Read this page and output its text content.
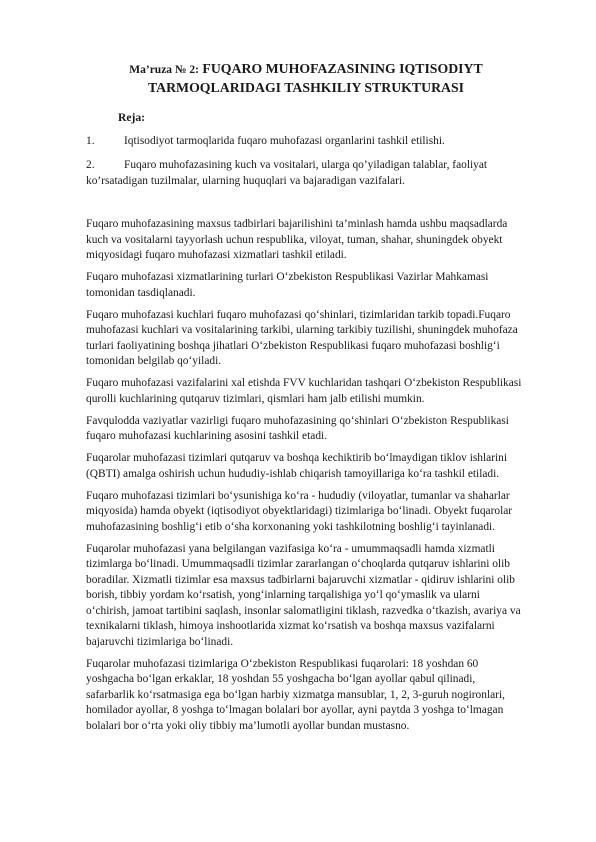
Ma’ruza № 2: FUQARO MUHOFAZASINING IQTISODIYT
TARMOQLARIDAGI TASHKILIY STRUKTURASI
Reja:
1.	Iqtisodiyot tarmoqlarida fuqaro muhofazasi organlarini tashkil etilishi.
2.	Fuqaro muhofazasining kuch va vositalari, ularga qo’yiladigan talablar, faoliyat ko’rsatadigan tuzilmalar, ularning huquqlari va bajaradigan vazifalari.

Fuqaro muhofazasining maxsus tadbirlari bajarilishini ta’minlash hamda ushbu maqsadlarda kuch va vositalarni tayyorlash uchun respublika, viloyat, tuman, shahar, shuningdek obyekt miqyosidagi fuqaro muhofazasi xizmatlari tashkil etiladi.

Fuqaro muhofazasi xizmatlarining turlari O‘zbekiston Respublikasi Vazirlar Mahkamasi tomonidan tasdiqlanadi.

Fuqaro muhofazasi kuchlari fuqaro muhofazasi qo‘shinlari, tizimlaridan tarkib topadi.Fuqaro muhofazasi kuchlari va vositalarining tarkibi, ularning tarkibiy tuzilishi, shuningdek muhofaza turlari faoliyatining boshqa jihatlari O‘zbekiston Respublikasi fuqaro muhofazasi boshlig‘i tomonidan belgilab qo‘yiladi.

Fuqaro muhofazasi vazifalarini xal etishda FVV kuchlaridan tashqari O‘zbekiston Respublikasi qurolli kuchlarining qutqaruv tizimlari, qismlari ham jalb etilishi mumkin.

Favqulodda vaziyatlar vazirligi fuqaro muhofazasining qo‘shinlari O‘zbekiston Respublikasi fuqaro muhofazasi kuchlarining asosini tashkil etadi.

Fuqarolar muhofazasi tizimlari qutqaruv va boshqa kechiktirib bo‘lmaydigan tiklov ishlarini (QBTI) amalga oshirish uchun hududiy-ishlab chiqarish tamoyillariga ko‘ra tashkil etiladi.

Fuqaro muhofazasi tizimlari bo‘ysunishiga ko‘ra - hududiy (viloyatlar, tumanlar va shaharlar miqyosida) hamda obyekt (iqtisodiyot obyektlaridagi) tizimlariga bo‘linadi. Obyekt fuqarolar muhofazasining boshlig‘i etib o‘sha korxonaning yoki tashkilotning boshlig‘i tayinlanadi.

Fuqarolar muhofazasi yana belgilangan vazifasiga ko‘ra - umummaqsadli hamda xizmatli tizimlarga bo‘linadi. Umummaqsadli tizimlar zararlangan o‘choqlarda qutqaruv ishlarini olib boradilar. Xizmatli tizimlar esa maxsus tadbirlarni bajaruvchi xizmatlar - qidiruv ishlarini olib borish, tibbiy yordam ko‘rsatish, yong‘inlarning tarqalishiga yo‘l qo‘ymaslik va ularni o‘chirish, jamoat tartibini saqlash, insonlar salomatligini tiklash, razvedka o‘tkazish, avariya va texnikalarni tiklash, himoya inshootlarida xizmat ko‘rsatish va boshqa maxsus vazifalarni bajaruvchi tizimlariga bo‘linadi.

Fuqarolar muhofazasi tizimlariga O‘zbekiston Respublikasi fuqarolari: 18 yoshdan 60 yoshgacha bo‘lgan erkaklar, 18 yoshdan 55 yoshgacha bo‘lgan ayollar qabul qilinadi, safarbarlik ko‘rsatmasiga ega bo‘lgan harbiy xizmatga mansublar, 1, 2, 3-guruh nogironlari, homilador ayollar, 8 yoshga to‘lmagan bolalari bor ayollar, ayni paytda 3 yoshga to‘lmagan bolalari bor o‘rta yoki oliy tibbiy ma’lumotli ayollar bundan mustasno.
